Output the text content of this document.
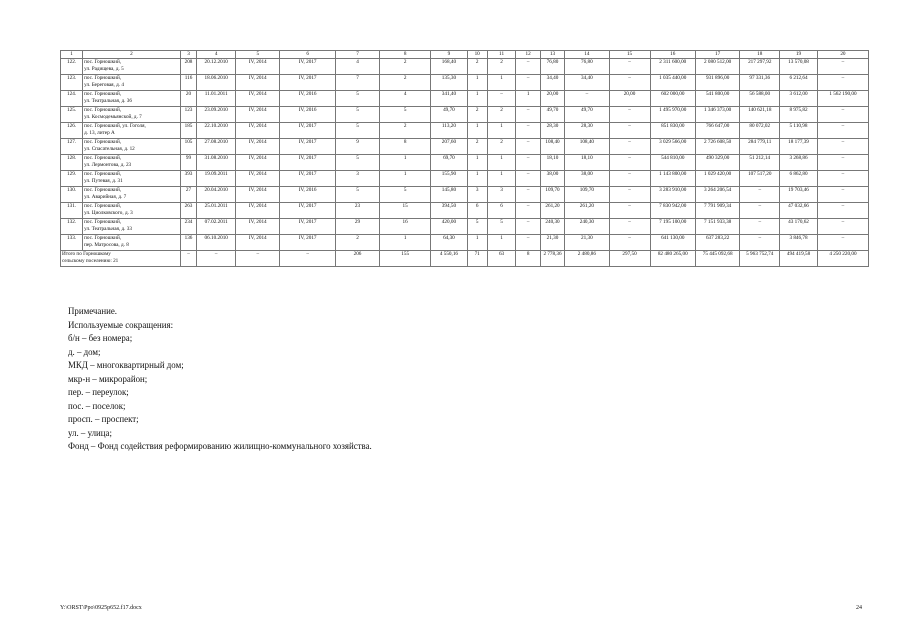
1	2	3	4	5	6	7	8	9	10	11	12	13	14	15	16	17	18	19	20
122.	пос. Горношкий,
ул. Радищева, д. 5	208	20.12.2010	IV, 2014	IV, 2017	4	2	168,40	2	2	–	76,80	76,80	–	2 311 600,00	2 080 512,00	217 297,92	13 570,08	–
123.	пос. Горношкий,
ул. Береговая, д. 4	116	18.06.2010	IV, 2014	IV, 2017	7	2	135,30	1	1	–	34,40	34,40	–	1 035 440,00	931 896,00	97 331,36	6 212,64	–
124.	пос. Горношкий,
ул. Театральная, д. 36	20	11.01.2011	IV, 2014	IV, 2016	5	4	341,40	1	–	1	20,00	–	20,00	602 000,00	541 800,00	56 588,00	3 612,00	1 562 190,00
125.	пос. Горношкий,
ул. Космодемьянской, д. 7	123	23.09.2010	IV, 2014	IV, 2016	5	5	49,70	2	2	–	49,70	49,70	–	1 495 970,00	1 346 373,00	140 621,18	8 975,82	–
126.	пос. Горношкий, ул. Гоголя,
д. 13, литер А	185	22.10.2010	IV, 2014	IV, 2017	5	2	113,20	1	1	–	28,30	28,30	–	851 830,00	766 647,00	80 072,02	5 110,98	–
127.	пос. Горношкий,
ул. Спасательная, д. 12	105	27.08.2010	IV, 2014	IV, 2017	9	8	207,60	2	2	–	108,40	108,40	–	3 029 566,00	2 726 608,50	284 779,11	18 177,39	–
128.	пос. Горношкий,
ул. Лермонтова, д. 23	99	31.08.2010	IV, 2014	IV, 2017	5	1	69,70	1	1	–	18,10	18,10	–	544 810,00	490 329,00	51 212,14	3 268,86	–
129.	пос. Горношкий,
ул. Путевая, д. 31	393	19.09.2011	IV, 2014	IV, 2017	3	1	155,90	1	1	–	38,00	38,00	–	1 143 800,00	1 029 420,00	107 517,20	6 862,80	–
130.	пос. Горношкий,
ул. Аварийная, д. 7	27	20.04.2010	IV, 2014	IV, 2016	5	5	145,80	3	3	–	109,70	109,70	–	3 283 910,00	3 264 206,54	–	19 703,46	–
131.	пос. Горношкий,
ул. Циолковского, д. 3	263	25.01.2011	IV, 2014	IV, 2017	23	15	394,50	6	6	–	261,20	261,20	–	7 830 942,00	7 791 909,34	–	47 032,66	–
132.	пос. Горношкий,
ул. Театральная, д. 33	234	07.02.2011	IV, 2014	IV, 2017	29	16	420,00	5	5	–	240,30	240,30	–	7 195 100,00	7 151 933,38	–	43 170,62	–
133.	пос. Горношкий,
пер. Матросова, д. 8	136	06.10.2010	IV, 2014	IV, 2017	2	1	64,30	1	1	–	21,30	21,30	–	641 130,00	637 283,22	–	3 846,78	–
Итого по Горношкому
сельскому поселению: 21		–	–	–	–	206	155	4 550,16	71	63	8	2 778,36	2 480,86	297,50	82 480 265,00	75 445 092,68	5 963 752,74	494 419,58	4 250 220,00
Примечание.
Используемые сокращения:
б/н – без номера;
д. – дом;
МКД – многоквартирный дом;
мкр-н – микрорайон;
пер. – переулок;
пос. – поселок;
просп. – проспект;
ул. – улица;
Фонд – Фонд содействия реформированию жилищно-коммунального хозяйства.
Y:\ORST\Ppo\0925p652.f17.docx	24
